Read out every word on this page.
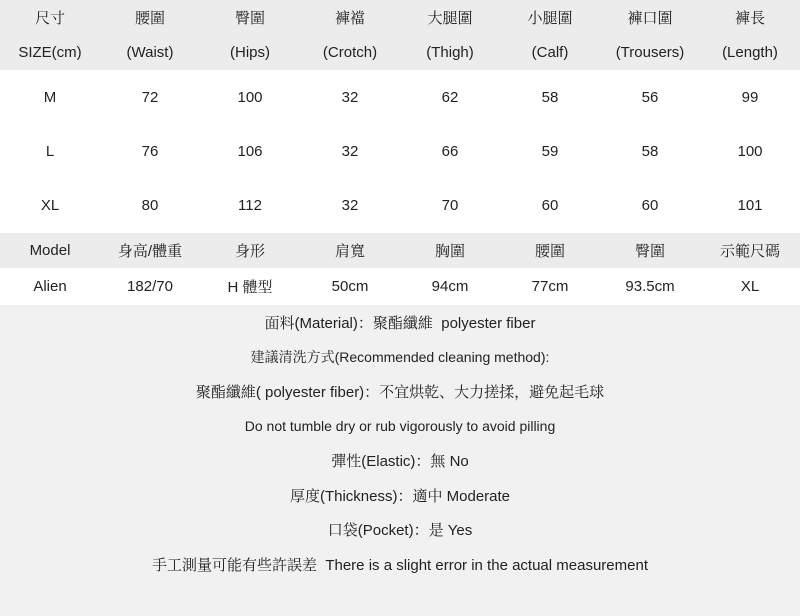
尺寸	腰圍	臀圍	褲襠	大腿圍	小腿圍	褲口圍	褲長
SIZE(cm)	(Waist)	(Hips)	(Crotch)	(Thigh)	(Calf)	(Trousers)	(Length)
M	72	100	32	62	58	56	99
L	76	106	32	66	59	58	100
XL	80	112	32	70	60	60	101
Model	身高/體重	身形	肩寬	胸圍	腰圍	臀圍	示範尺碼
Alien	182/70	H 體型	50cm	94cm	77cm	93.5cm	XL
面料(Material)：聚酯纖維  polyester fiber
建議清洗方式(Recommended cleaning method):
聚酯纖維( polyester fiber)：不宜烘乾、大力搓揉，避免起毛球
Do not tumble dry or rub vigorously to avoid pilling
彈性(Elastic)：無 No
厚度(Thickness)：適中 Moderate
口袋(Pocket)：是 Yes
手工測量可能有些許誤差  There is a slight error in the actual measurement
